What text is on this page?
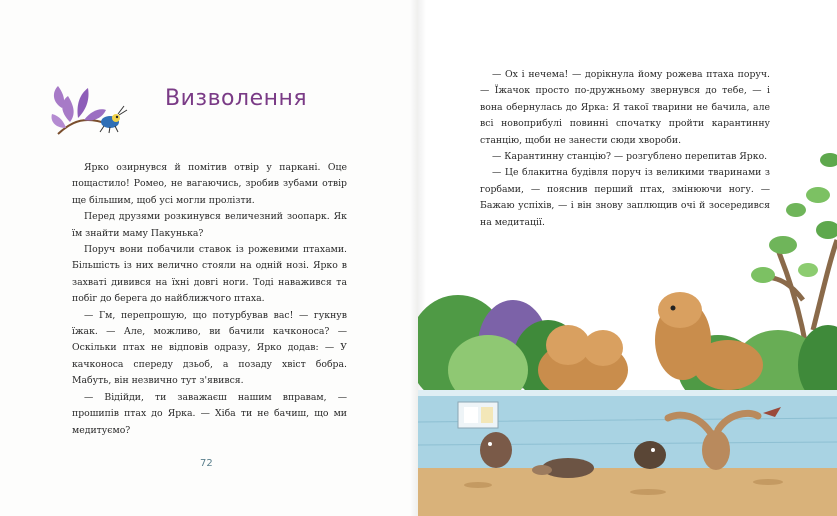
Визволення

Ярко озирнувся й помітив отвір у паркані. Оце пощастило! Ромео, не вагаючись, зробив зубами отвір ще більшим, щоб усі могли пролізти.

Перед друзями розкинувся величезний зоопарк. Як їм знайти маму Пакунька?

Поруч вони побачили ставок із рожевими птахами. Більшість із них велично стояли на одній нозі. Ярко в захваті дивився на їхні довгі ноги. Тоді наважився та побіг до берега до найближчого птаха.

— Гм, перепрошую, що потурбував вас! — гукнув їжак. — Але, можливо, ви бачили качконоса? — Оскільки птах не відповів одразу, Ярко додав: — У качконоса спереду дзьоб, а позаду хвіст бобра. Мабуть, він незвично тут з'явився.

— Відійди, ти заважаєш нашим вправам, — прошипів птах до Ярка. — Хіба ти не бачиш, що ми медитуємо?

72

— Ох і нечема! — дорікнула йому рожева птаха поруч. — Їжачок просто по-дружньому звернувся до тебе, — і вона обернулась до Ярка: Я такої тварини не бачила, але всі новоприбулі повинні спочатку пройти карантинну станцію, щоби не занести сюди хвороби.

— Карантинну станцію? — розгублено перепитав Ярко.

— Це блакитна будівля поруч із великими тваринами з горбами, — пояснив перший птах, змінюючи ногу. — Бажаю успіхів, — і він знову заплющив очі й зосередився на медитації.
